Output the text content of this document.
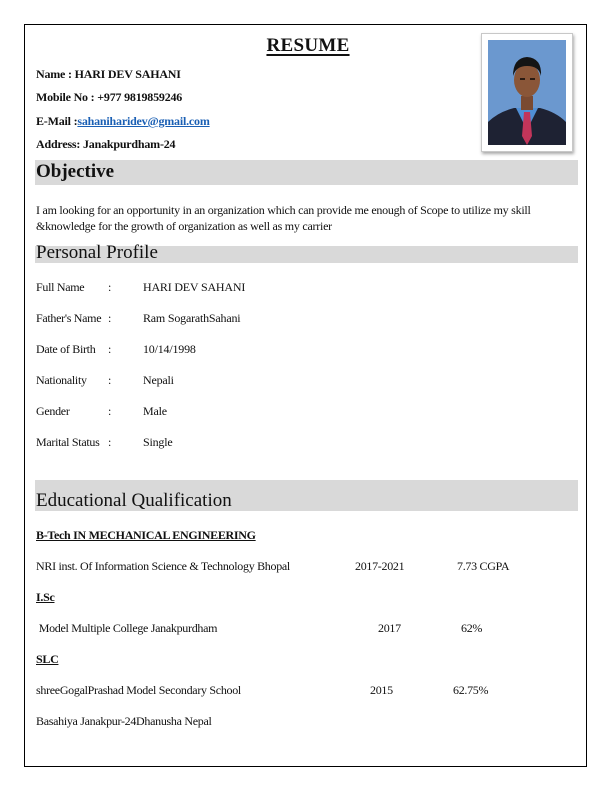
RESUME
Name : HARI DEV SAHANI
Mobile No : +977 9819859246
E-Mail :sahaniharidev@gmail.com
Address: Janakpurdham-24
Objective
I am looking for an opportunity in an organization which can provide me enough of Scope to utilize my skill &knowledge for the growth of organization as well as my carrier
Personal Profile
Full Name :	HARI DEV SAHANI
Father's Name :	Ram SogarathSahani
Date of Birth :	10/14/1998
Nationality :	Nepali
Gender	:	Male
Marital Status :	Single
Educational Qualification
B-Tech IN MECHANICAL ENGINEERING
NRI inst. Of Information Science & Technology Bhopal	2017-2021	7.73 CGPA
I.Sc
Model Multiple College Janakpurdham	2017	62%
SLC
shreeGogalPrashad Model Secondary School	2015	62.75%
Basahiya Janakpur-24Dhanusha Nepal
